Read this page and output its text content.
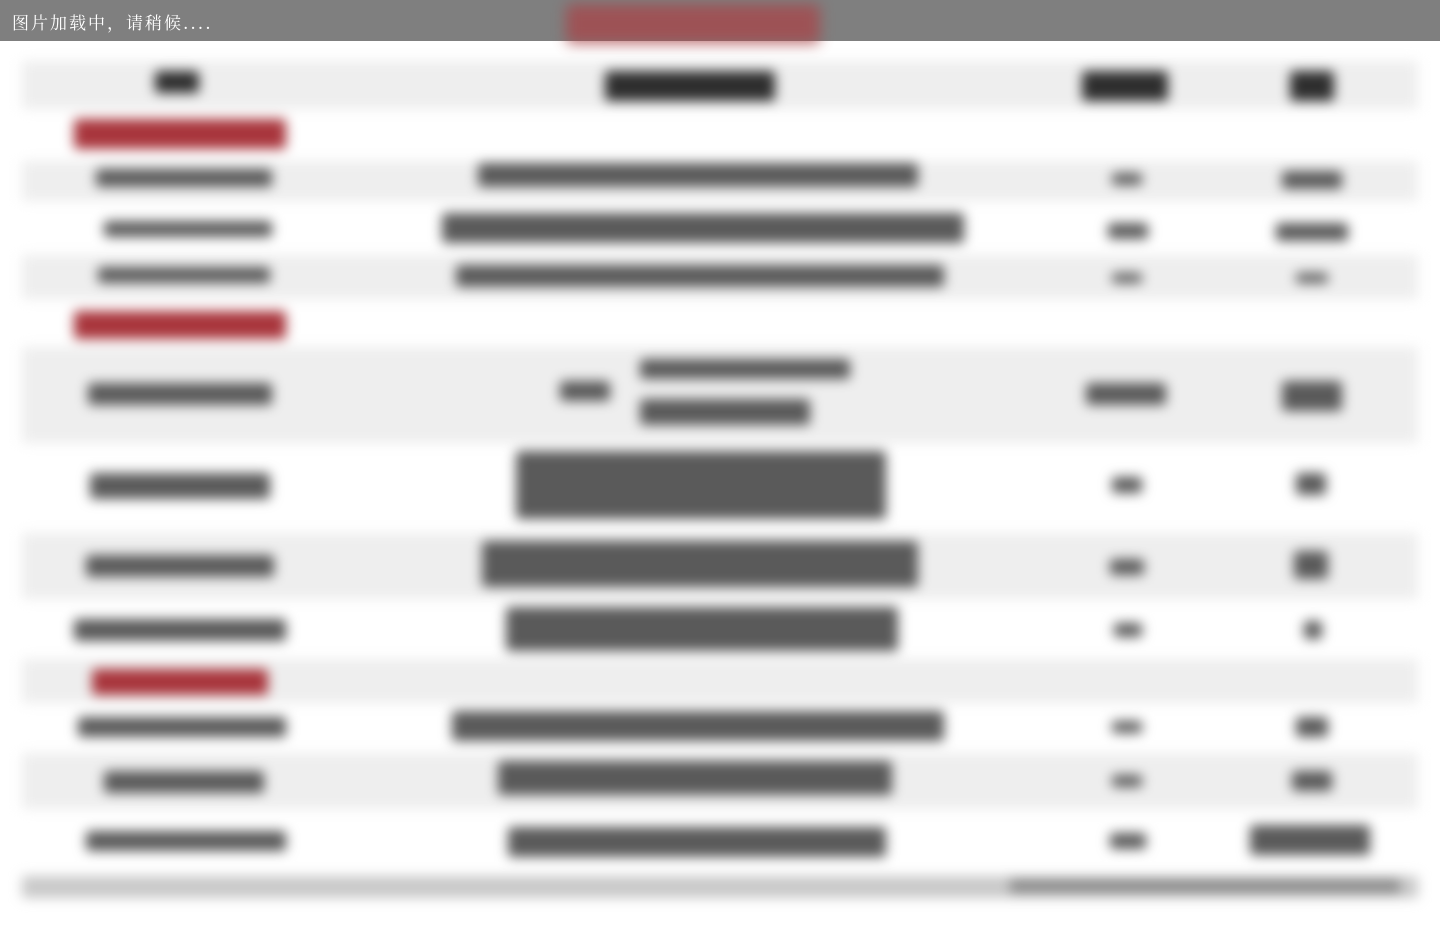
图片加载中，请稍候....
